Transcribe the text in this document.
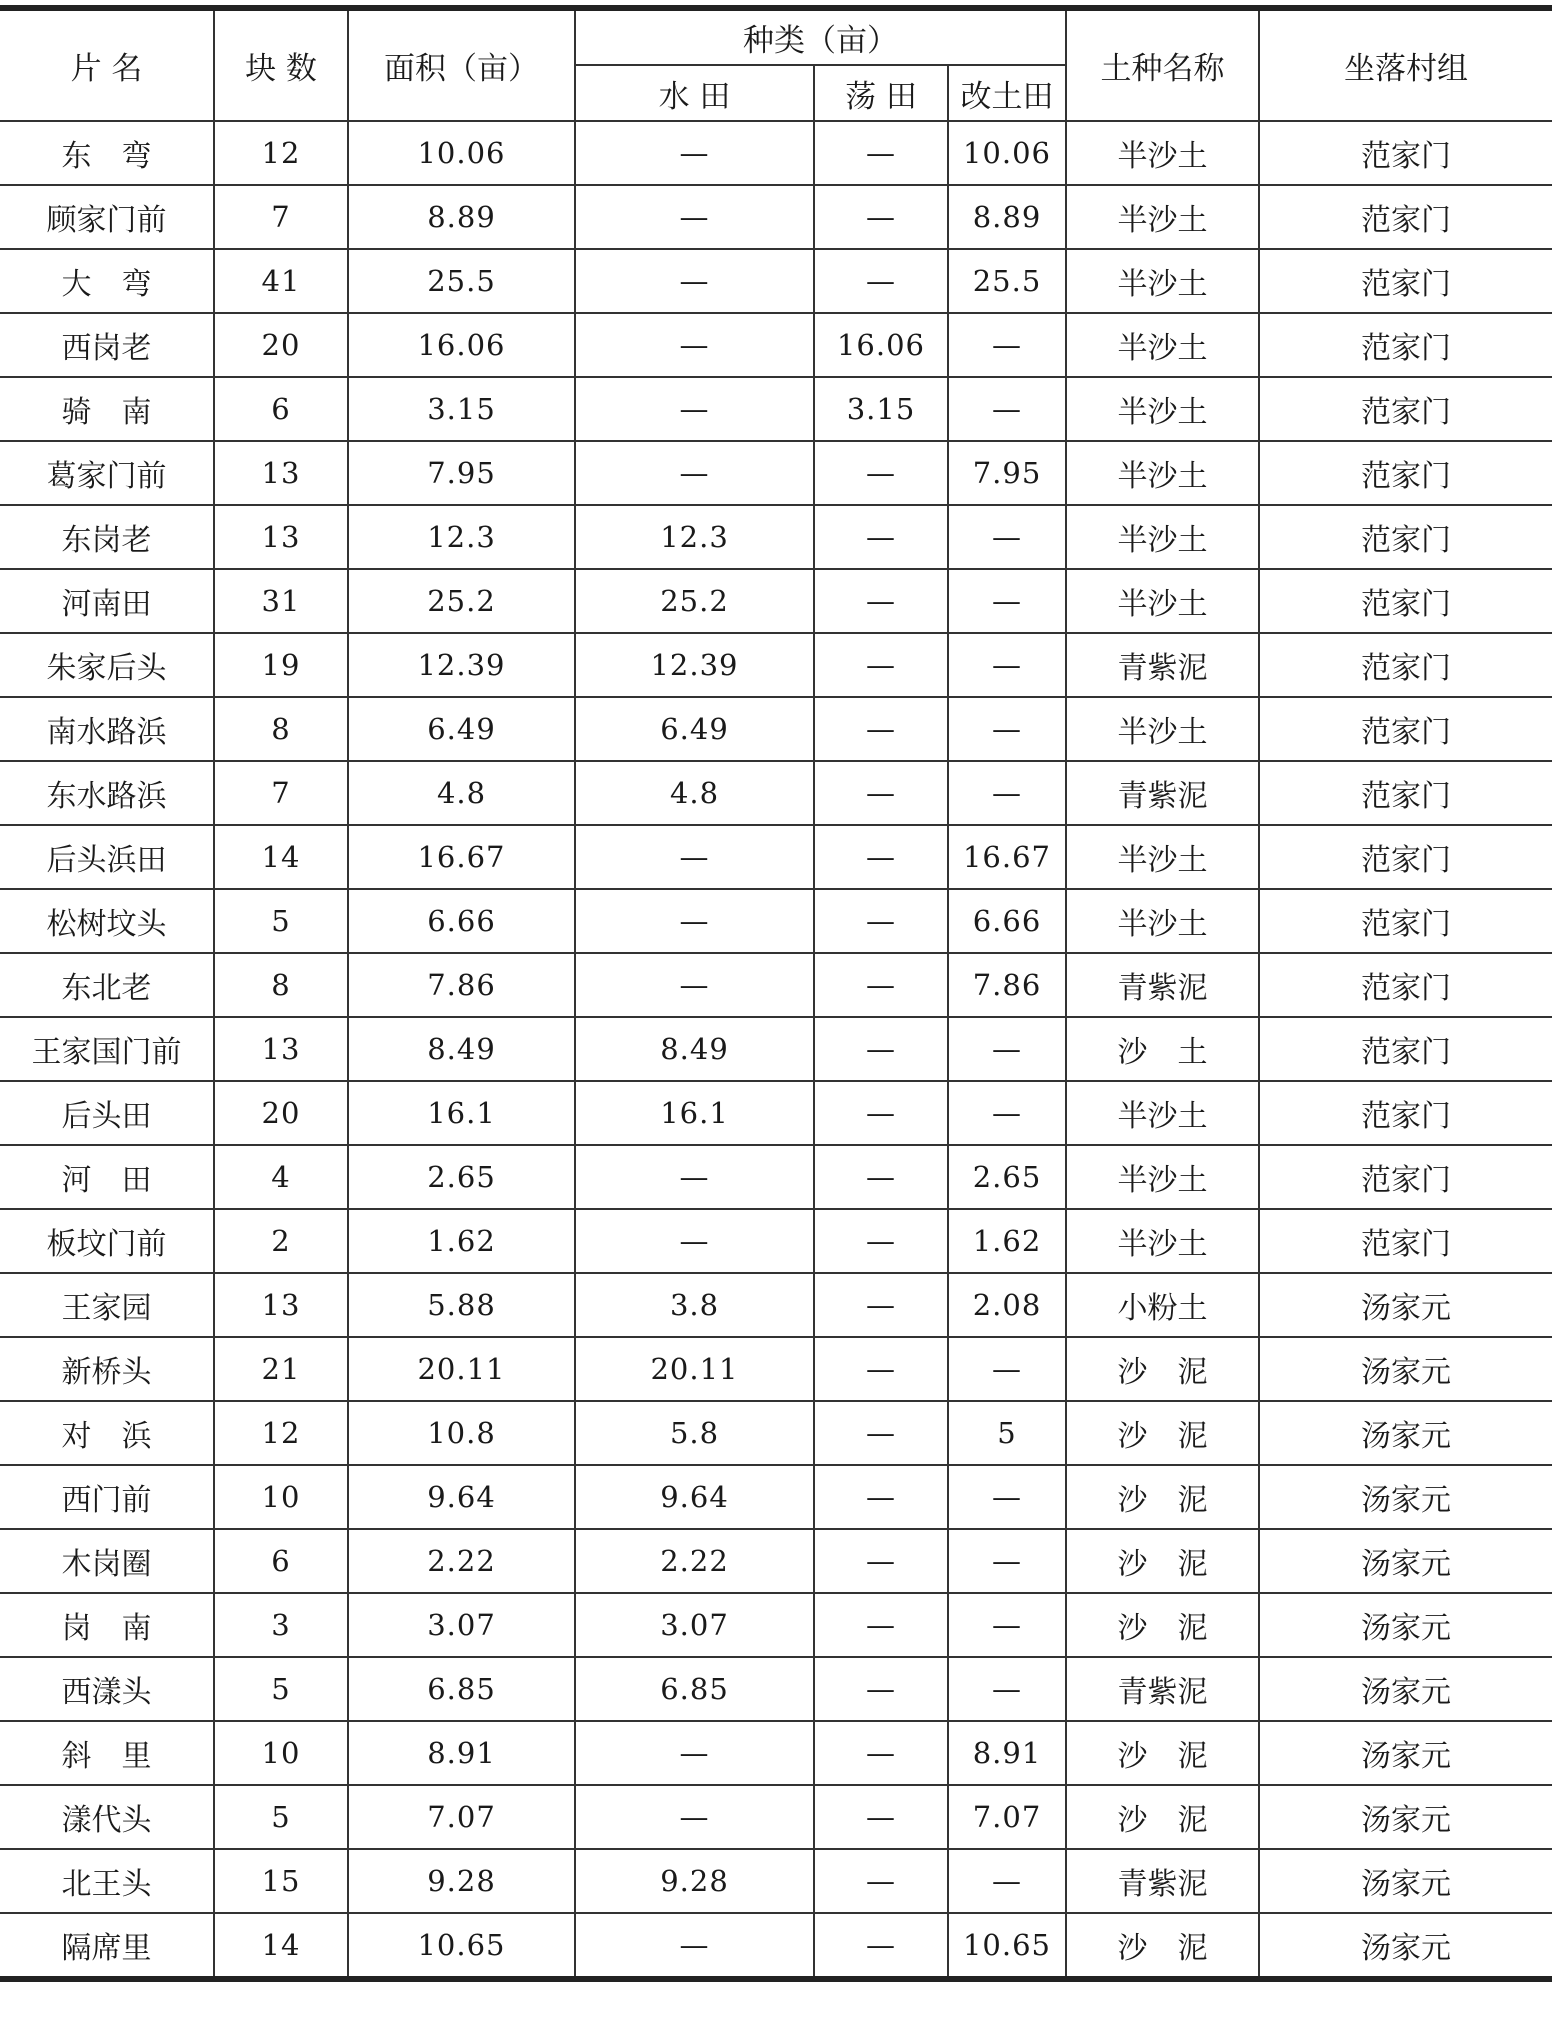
片 名	块 数	面积（亩）	种类（亩）			土种名称	坐落村组
			水 田	荡 田	改土田		
东　弯	12	10.06	—	—	10.06	半沙土	范家门
顾家门前	7	8.89	—	—	8.89	半沙土	范家门
大　弯	41	25.5	—	—	25.5	半沙土	范家门
西岗老	20	16.06	—	16.06	—	半沙土	范家门
骑　南	6	3.15	—	3.15	—	半沙土	范家门
葛家门前	13	7.95	—	—	7.95	半沙土	范家门
东岗老	13	12.3	12.3	—	—	半沙土	范家门
河南田	31	25.2	25.2	—	—	半沙土	范家门
朱家后头	19	12.39	12.39	—	—	青紫泥	范家门
南水路浜	8	6.49	6.49	—	—	半沙土	范家门
东水路浜	7	4.8	4.8	—	—	青紫泥	范家门
后头浜田	14	16.67	—	—	16.67	半沙土	范家门
松树坟头	5	6.66	—	—	6.66	半沙土	范家门
东北老	8	7.86	—	—	7.86	青紫泥	范家门
王家国门前	13	8.49	8.49	—	—	沙　土	范家门
后头田	20	16.1	16.1	—	—	半沙土	范家门
河　田	4	2.65	—	—	2.65	半沙土	范家门
板坟门前	2	1.62	—	—	1.62	半沙土	范家门
王家园	13	5.88	3.8	—	2.08	小粉土	汤家元
新桥头	21	20.11	20.11	—	—	沙　泥	汤家元
对　浜	12	10.8	5.8	—	5	沙　泥	汤家元
西门前	10	9.64	9.64	—	—	沙　泥	汤家元
木岗圈	6	2.22	2.22	—	—	沙　泥	汤家元
岗　南	3	3.07	3.07	—	—	沙　泥	汤家元
西漾头	5	6.85	6.85	—	—	青紫泥	汤家元
斜　里	10	8.91	—	—	8.91	沙　泥	汤家元
漾代头	5	7.07	—	—	7.07	沙　泥	汤家元
北王头	15	9.28	9.28	—	—	青紫泥	汤家元
隔席里	14	10.65	—	—	10.65	沙　泥	汤家元
